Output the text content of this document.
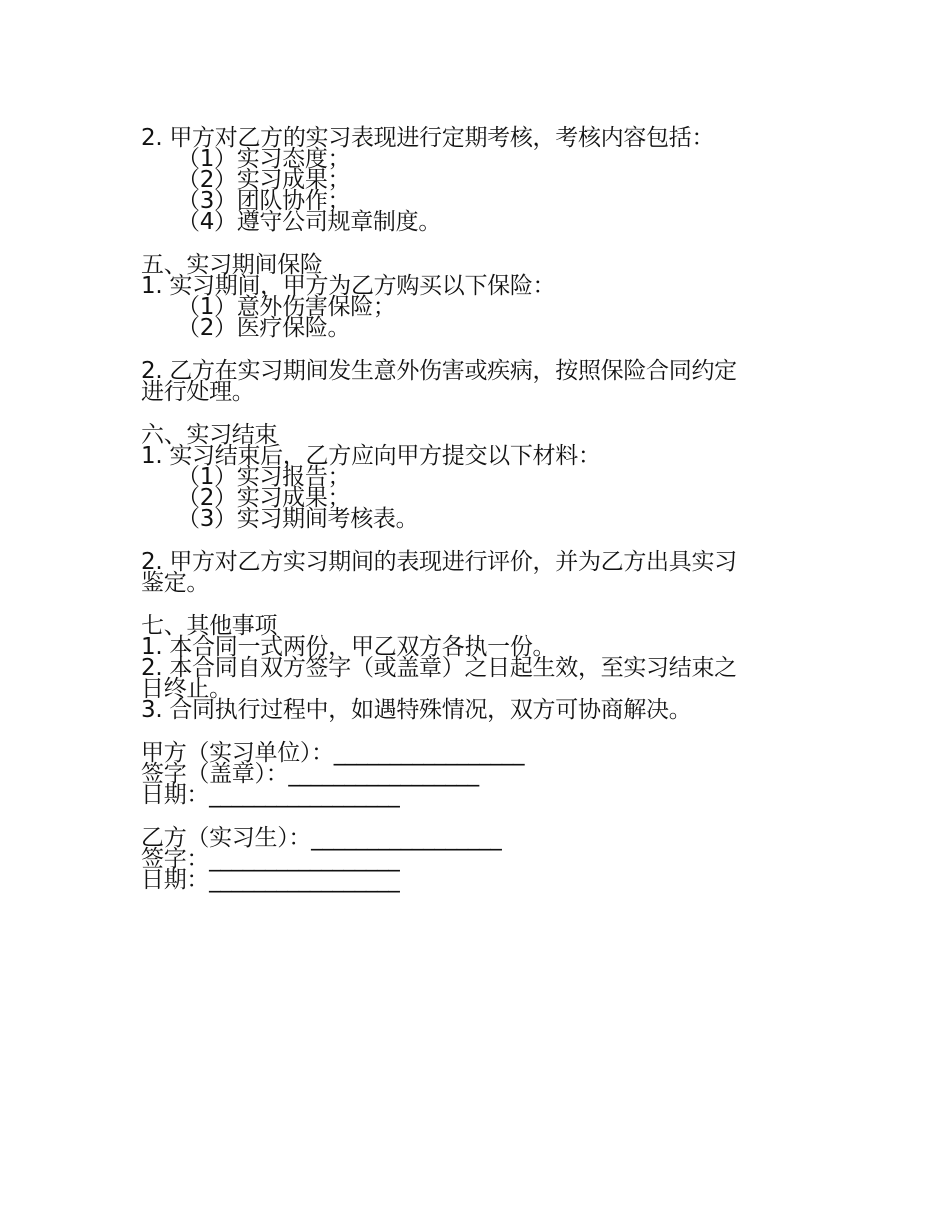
2. 甲方对乙方的实习表现进行定期考核，考核内容包括：
（1）实习态度；
（2）实习成果；
（3）团队协作；
（4）遵守公司规章制度。
五、实习期间保险
1. 实习期间，甲方为乙方购买以下保险：
（1）意外伤害保险；
（2）医疗保险。
2. 乙方在实习期间发生意外伤害或疾病，按照保险合同约定
进行处理。
六、实习结束
1. 实习结束后，乙方应向甲方提交以下材料：
（1）实习报告；
（2）实习成果；
（3）实习期间考核表。
2. 甲方对乙方实习期间的表现进行评价，并为乙方出具实习
鉴定。
七、其他事项
1. 本合同一式两份，甲乙双方各执一份。
2. 本合同自双方签字（或盖章）之日起生效，至实习结束之
日终止。
3. 合同执行过程中，如遇特殊情况，双方可协商解决。
甲方（实习单位）：_________________
签字（盖章）：_________________
日期：_________________
乙方（实习生）：_________________
签字：_________________
日期：_________________
